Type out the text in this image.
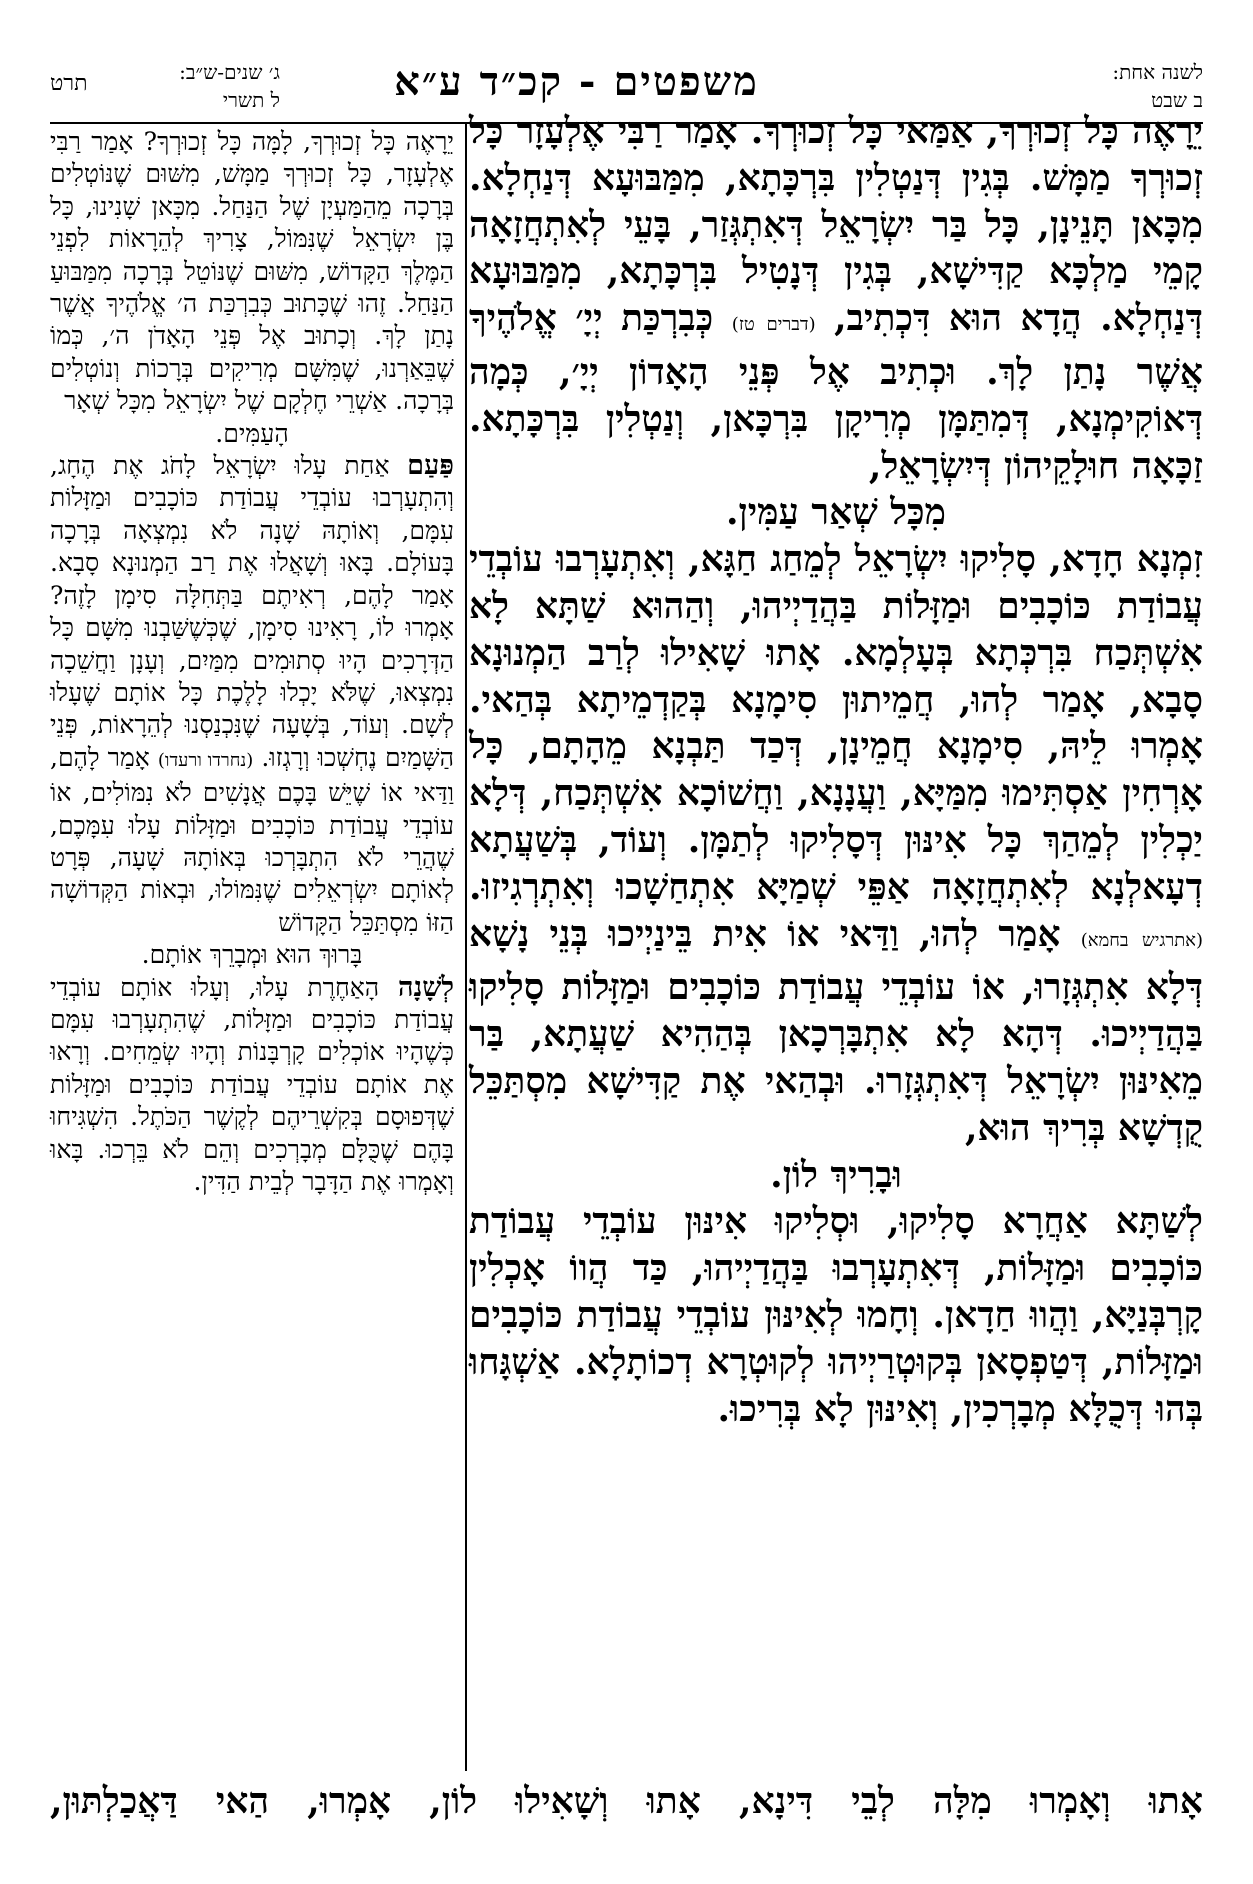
לשנה אחת:
ב שבט
משפטים - קכ״ד ע״א
ג׳ שנים-ש״ב:
ל תשרי
תרט

יֵרָאֶה כָּל זְכוּרְךָ, אַמַּאי כָּל זְכוּרְךָ. אָמַר רַבִּי אֶלְעָזָר כָּל זְכוּרְךָ מַמָּשׁ. בְּגִין דְּנַטְלִין בִּרְכָּתָא, מִמַּבּוּעָא דְּנַחְלָא. מִכָּאן תָּנֵינָן, כָּל בַּר יִשְׂרָאֵל דְּאִתְגְּזַר, בָּעֵי לְאִתְחֲזָאָה קָמֵי מַלְכָּא קַדִּישָׁא, בְּגִין דְּנָטִיל בִּרְכָּתָא, מִמַּבּוּעָא דְּנַחְלָא. הֲדָא הוּא דִּכְתִיב, (דברים טז) כְּבִרְכַּת יְיָ׳ אֱלֹהֶיךָ אֲשֶׁר נָתַן לָךְ. וּכְתִיב אֶל פְּנֵי הָאָדוֹן יְיָ׳, כְּמָה דְּאוֹקִימְנָא, דְּמִתַּמָּן מְרִיקָן בִּרְכָּאן, וְנַטְלִין בִּרְכָּתָא. זַכָּאָה חוּלָקֵיהוֹן דְּיִשְׂרָאֵל,

מִכָּל שְׁאַר עַמִּין.

זִמְנָא חָדָא, סָלִיקוּ יִשְׂרָאֵל לְמֵחַג חַגָּא, וְאִתְעָרְבוּ עוֹבְדֵי עֲבוֹדַת כּוֹכָבִים וּמַזָּלוֹת בַּהֲדַיְיהוּ, וְהַהוּא שַׁתָּא לָא אִשְׁתְּכַח בִּרְכְּתָא בְּעָלְמָא. אָתוּ שָׁאִילוּ לְרַב הַמְנוּנָא סָבָא, אָמַר לְהוּ, חֲמֵיתוּן סִימָנָא בְּקַדְמֵיתָא בְּהַאי. אָמְרוּ לֵיהּ, סִימָנָא חֲמֵינָן, דְּכַד תַּבְנָא מֵהָתָם, כָּל אָרְחִין אַסְתִּימוּ מִמַּיָּא, וַעֲנָנָא, וַחֲשׁוֹכָא אִשְׁתְּכַח, דְּלָא יַכְלִין לְמֵהַךְ כָּל אִינּוּן דְּסָלִיקוּ לְתַמָּן. וְעוֹד, בְּשַׁעֲתָא דְעָאלְנָא לְאִתְחֲזָאָה אַפֵּי שְׁמַיָּא אִתְחַשָׁכוּ וְאִתְרְגִיזוּ. (אתרגיש בחמא) אָמַר לְהוּ, וַדַּאי אוֹ אִית בֵּינַיְיכוּ בְּנֵי נָשָׁא דְּלָא אִתְגְּזָרוּ, אוֹ עוֹבְדֵי עֲבוֹדַת כּוֹכָבִים וּמַזָּלוֹת סָלִיקוּ בַּהֲדַיְיכוּ. דְּהָא לָא אִתְבָּרְכָאן בְּהַהִיא שַׁעֲתָא, בַּר מֵאִינּוּן יִשְׂרָאֵל דְּאִתְגְּזָרוּ. וּבְהַאי אֶת קַדִּישָׁא מִסְתַּכֵּל קֻדְשָׁא בְּרִיךְ הוּא,

וּבָרִיךְ לוֹן.

לְשַׁתָּא אַחֲרָא סָלִיקוּ, וּסְלִיקוּ אִינּוּן עוֹבְדֵי עֲבוֹדַת כּוֹכָבִים וּמַזָּלוֹת, דְּאִתְעָרְבוּ בַּהֲדַיְיהוּ, כַּד הֲווֹ אָכְלִין קָרְבְּנַיָּא, וַהֲווּ חַדָאן. וְחָמוּ לְאִינּוּן עוֹבְדֵי עֲבוֹדַת כּוֹכָבִים וּמַזָּלוֹת, דְּטַפְסָאן בְּקוּטְרַיְיהוּ לְקוּטְרָא דְכוֹתָלָא. אַשְׁגָּחוּ בְּהוּ דְּכֻלָּא מְבָרְכִין, וְאִינּוּן לָא בְּרִיכוּ.

יֵרָאֶה כָּל זְכוּרְךָ, לָמָּה כָּל זְכוּרְךָ? אָמַר רַבִּי אֶלְעָזָר, כָּל זְכוּרְךָ מַמָּשׁ, מִשּׁוּם שֶׁנּוֹטְלִים בְּרָכָה מֵהַמַּעְיָן שֶׁל הַנַּחַל. מִכָּאן שָׁנִינוּ, כָּל בֶּן יִשְׂרָאֵל שֶׁנִּמּוֹל, צָרִיךְ לְהֵרָאוֹת לִפְנֵי הַמֶּלֶךְ הַקָּדוֹשׁ, מִשּׁוּם שֶׁנּוֹטֵל בְּרָכָה מִמַּבּוּעַ הַנַּחַל. זֶהוּ שֶׁכָּתוּב כְּבִרְכַּת ה׳ אֱלֹהֶיךָ אֲשֶׁר נָתַן לָךְ. וְכָתוּב אֶל פְּנֵי הָאָדֹן ה׳, כְּמוֹ שֶׁבֵּאַרְנוּ, שֶׁמִּשָּׁם מְרִיקִים בְּרָכוֹת וְנוֹטְלִים בְּרָכָה. אַשְׁרֵי חֶלְקָם שֶׁל יִשְׂרָאֵל מִכָּל שְׁאָר

הָעַמִּים.

פַּעַם אַחַת עָלוּ יִשְׂרָאֵל לָחֹג אֶת הֶחָג, וְהִתְעָרְבוּ עוֹבְדֵי עֲבוֹדַת כּוֹכָבִים וּמַזָּלוֹת עִמָּם, וְאוֹתָהּ שָׁנָה לֹא נִמְצְאָה בְּרָכָה בָּעוֹלָם. בָּאוּ וְשָׁאֲלוּ אֶת רַב הַמְנוּנָא סָבָא. אָמַר לָהֶם, רְאִיתֶם בַּתְּחִלָּה סִימָן לָזֶה? אָמְרוּ לוֹ, רָאִינוּ סִימָן, שֶׁכְּשֶׁשַּׁבְנוּ מִשָּׁם כָּל הַדְּרָכִים הָיוּ סְתוּמִים מִמַּיִם, וְעָנָן וַחֲשֵׁכָה נִמְצְאוּ, שֶׁלֹּא יָכְלוּ לָלֶכֶת כָּל אוֹתָם שֶׁעָלוּ לְשָׁם. וְעוֹד, בְּשָׁעָה שֶׁנִּכְנַסְנוּ לְהֵרָאוֹת, פְּנֵי הַשָּׁמַיִם נֶחְשְׁכוּ וְרָגְזוּ. (נחרדו ורעדו) אָמַר לָהֶם, וַדַּאי אוֹ שֶׁיֵּשׁ בָּכֶם אֲנָשִׁים לֹא נִמּוֹלִים, אוֹ עוֹבְדֵי עֲבוֹדַת כּוֹכָבִים וּמַזָּלוֹת עָלוּ עִמָּכֶם, שֶׁהֲרֵי לֹא הִתְבָּרְכוּ בְּאוֹתָהּ שָׁעָה, פְּרָט לְאוֹתָם יִשְׂרְאֵלִים שֶׁנִּמּוֹלוּ, וּבְאוֹת הַקְּדוֹשָׁה הַזּוֹ מִסְתַּכֵּל הַקָּדוֹשׁ

בָּרוּךְ הוּא וּמְבָרֵךְ אוֹתָם.

לְשָׁנָה הָאַחֶרֶת עָלוּ, וְעָלוּ אוֹתָם עוֹבְדֵי עֲבוֹדַת כּוֹכָבִים וּמַזָּלוֹת, שֶׁהִתְעָרְבוּ עִמָּם כְּשֶׁהָיוּ אוֹכְלִים קָרְבָּנוֹת וְהָיוּ שְׂמֵחִים. וְרָאוּ אֶת אוֹתָם עוֹבְדֵי עֲבוֹדַת כּוֹכָבִים וּמַזָּלוֹת שֶׁדְּפוּסָם בְּקִשְׁרֵיהֶם לְקֶשֶׁר הַכֹּתֶל. הִשְׁגִּיחוּ בָּהֶם שֶׁכֻּלָּם מְבָרְכִים וְהֵם לֹא בֵּרְכוּ. בָּאוּ וְאָמְרוּ אֶת הַדָּבָר לְבֵית הַדִּין.

אָתוּ וְאָמְרוּ מִלָּה לְבֵי דִּינָא, אָתוּ וְשָׁאִילוּ לוֹן, אָמְרוּ, הַאי דַּאֲכַלְתּוּן,
